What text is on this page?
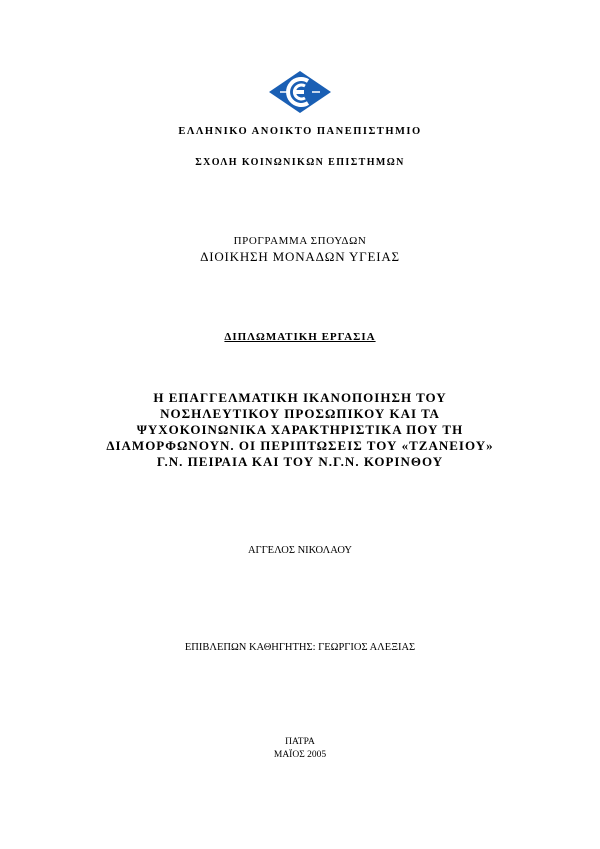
ΕΛΛΗΝΙΚΟ ΑΝΟΙΚΤΟ ΠΑΝΕΠΙΣΤΗΜΙΟ
ΣΧΟΛΗ ΚΟΙΝΩΝΙΚΩΝ ΕΠΙΣΤΗΜΩΝ
ΠΡΟΓΡΑΜΜΑ ΣΠΟΥΔΩΝ
ΔΙΟΙΚΗΣΗ ΜΟΝΑΔΩΝ ΥΓΕΙΑΣ
ΔΙΠΛΩΜΑΤΙΚΗ ΕΡΓΑΣΙΑ
Η ΕΠΑΓΓΕΛΜΑΤΙΚΗ ΙΚΑΝΟΠΟΙΗΣΗ ΤΟΥ
ΝΟΣΗΛΕΥΤΙΚΟΥ ΠΡΟΣΩΠΙΚΟΥ ΚΑΙ ΤΑ
ΨΥΧΟΚΟΙΝΩΝΙΚΑ ΧΑΡΑΚΤΗΡΙΣΤΙΚΑ ΠΟΥ ΤΗ
ΔΙΑΜΟΡΦΩΝΟΥΝ. ΟΙ ΠΕΡΙΠΤΩΣΕΙΣ ΤΟΥ «ΤΖΑΝΕΙΟΥ»
Γ.Ν. ΠΕΙΡΑΙΑ ΚΑΙ ΤΟΥ Ν.Γ.Ν. ΚΟΡΙΝΘΟΥ
ΑΓΓΕΛΟΣ ΝΙΚΟΛΑΟΥ
ΕΠΙΒΛΕΠΩΝ ΚΑΘΗΓΗΤΗΣ: ΓΕΩΡΓΙΟΣ ΑΛΕΞΙΑΣ
ΠΑΤΡΑ
ΜΑΪΟΣ 2005
